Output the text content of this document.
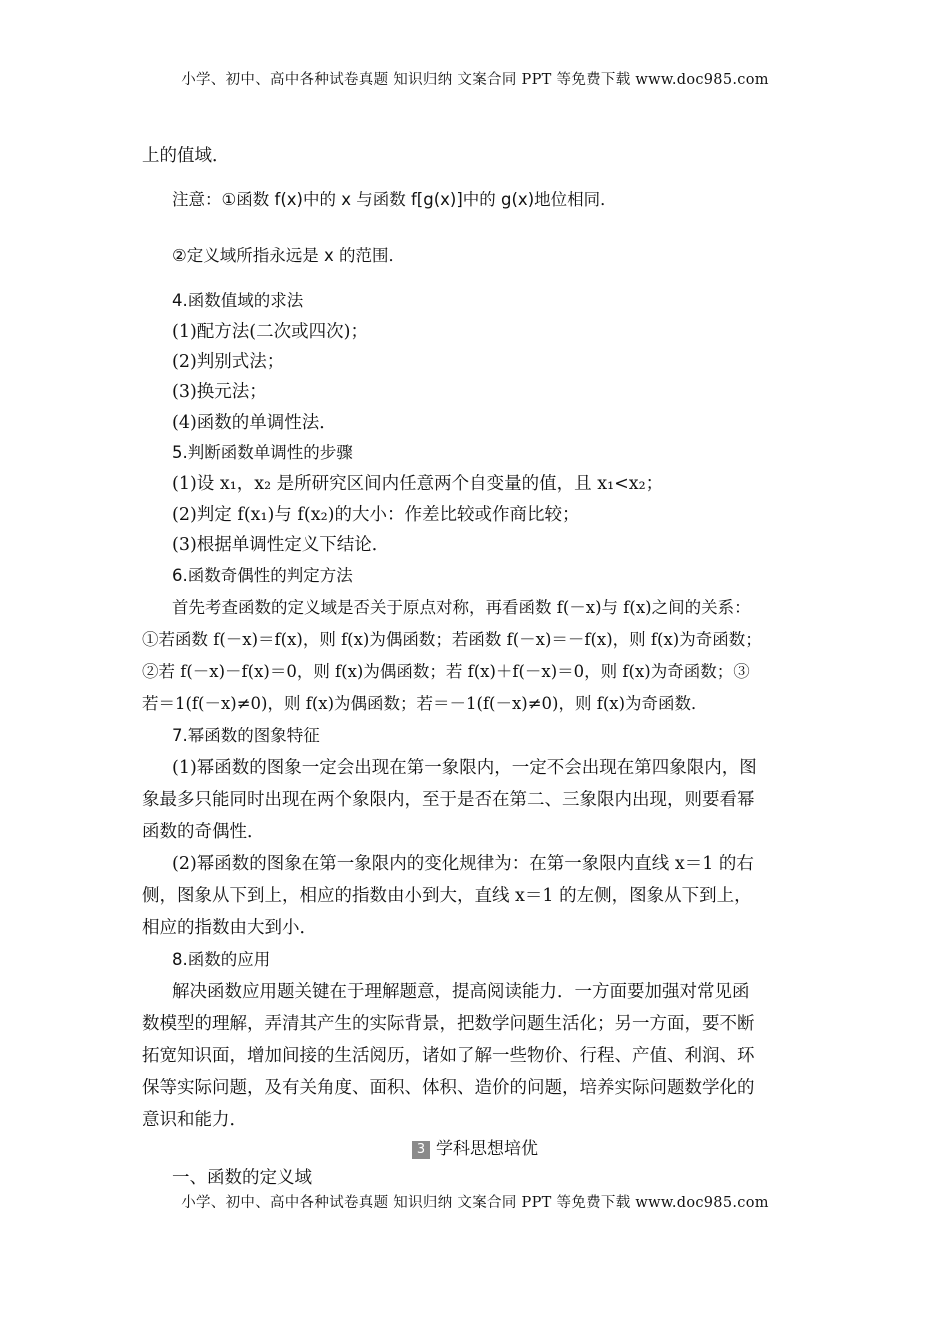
小学、初中、高中各种试卷真题 知识归纳 文案合同 PPT 等免费下载 www.doc985.com
上的值域．
注意：①函数 f(x)中的 x 与函数 f[g(x)]中的 g(x)地位相同．
②定义域所指永远是 x 的范围．
4.函数值域的求法
(1)配方法(二次或四次)；
(2)判别式法；
(3)换元法；
(4)函数的单调性法．
5.判断函数单调性的步骤
(1)设 x₁，x₂ 是所研究区间内任意两个自变量的值，且 x₁<x₂；
(2)判定 f(x₁)与 f(x₂)的大小：作差比较或作商比较；
(3)根据单调性定义下结论．
6.函数奇偶性的判定方法
首先考查函数的定义域是否关于原点对称，再看函数 f(－x)与 f(x)之间的关系：
①若函数 f(－x)＝f(x)，则 f(x)为偶函数；若函数 f(－x)＝－f(x)，则 f(x)为奇函数；
②若 f(－x)－f(x)＝0，则 f(x)为偶函数；若 f(x)＋f(－x)＝0，则 f(x)为奇函数；③
若＝1(f(－x)≠0)，则 f(x)为偶函数；若＝－1(f(－x)≠0)，则 f(x)为奇函数．
7.幂函数的图象特征
(1)幂函数的图象一定会出现在第一象限内，一定不会出现在第四象限内，图
象最多只能同时出现在两个象限内，至于是否在第二、三象限内出现，则要看幂
函数的奇偶性．
(2)幂函数的图象在第一象限内的变化规律为：在第一象限内直线 x＝1 的右
侧，图象从下到上，相应的指数由小到大，直线 x＝1 的左侧，图象从下到上，
相应的指数由大到小．
8.函数的应用
解决函数应用题关键在于理解题意，提高阅读能力．一方面要加强对常见函
数模型的理解，弄清其产生的实际背景，把数学问题生活化；另一方面，要不断
拓宽知识面，增加间接的生活阅历，诸如了解一些物价、行程、产值、利润、环
保等实际问题，及有关角度、面积、体积、造价的问题，培养实际问题数学化的
意识和能力．
3 学科思想培优
一、函数的定义域
小学、初中、高中各种试卷真题 知识归纳 文案合同 PPT 等免费下载 www.doc985.com
